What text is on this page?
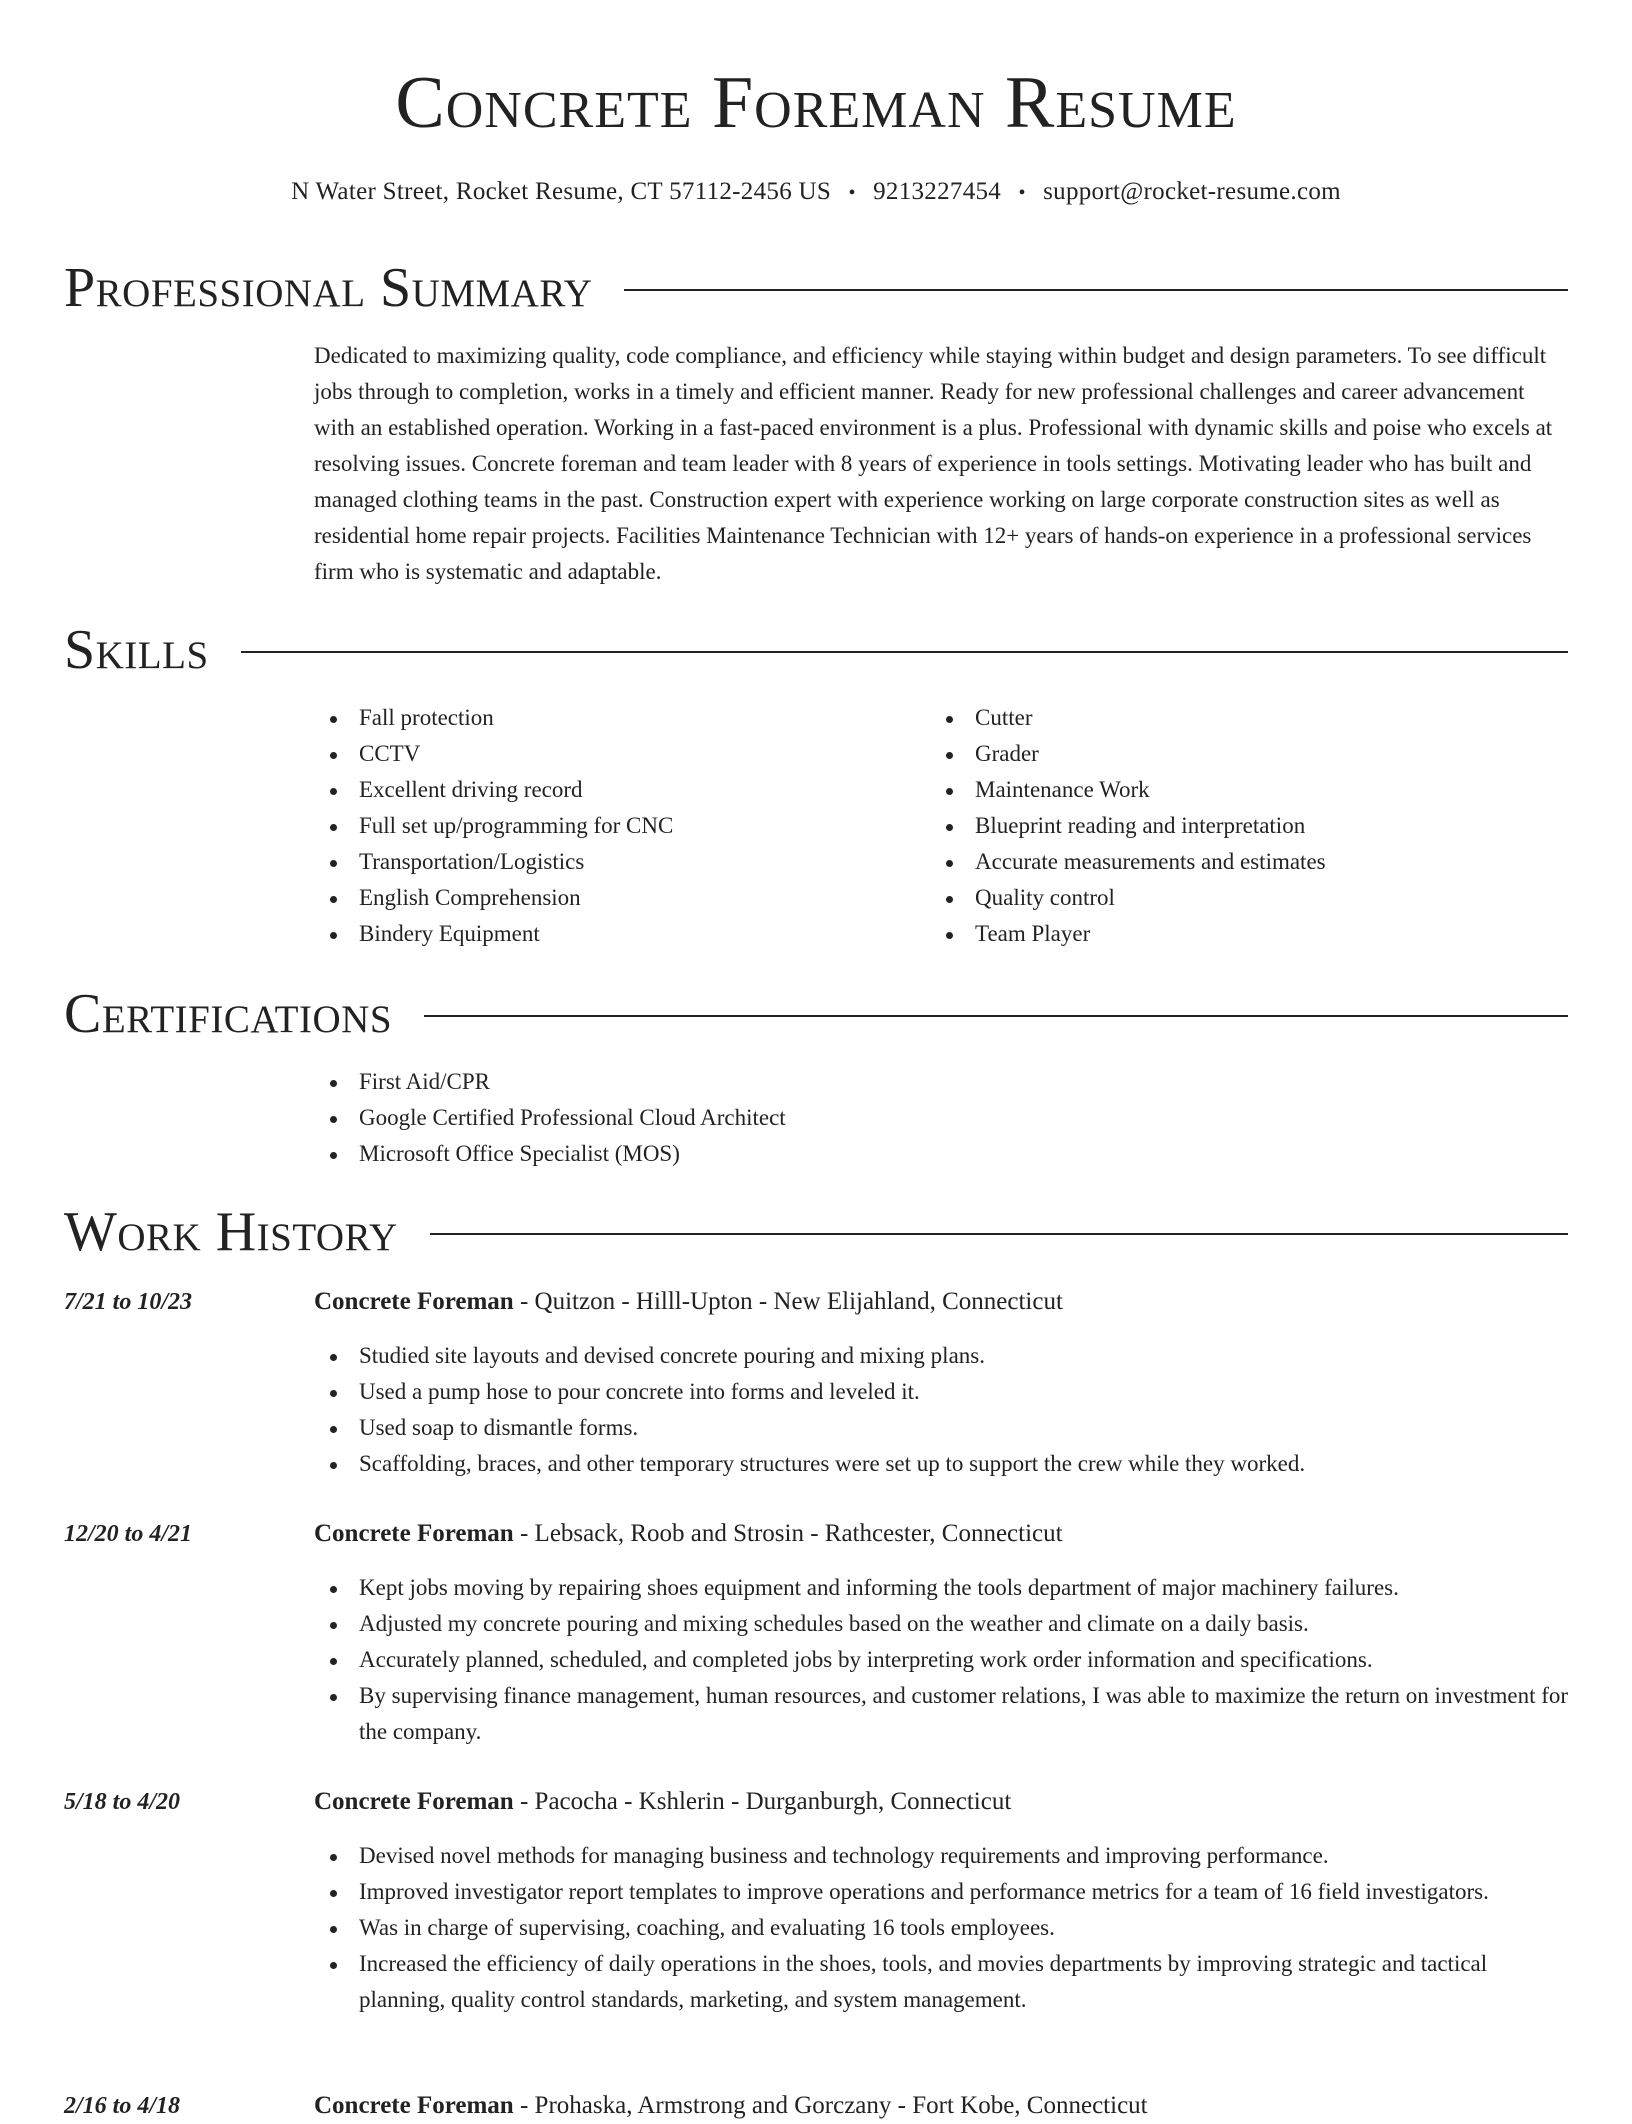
Concrete Foreman Resume
N Water Street, Rocket Resume, CT 57112-2456 US • 9213227454 • support@rocket-resume.com
Professional Summary

Dedicated to maximizing quality, code compliance, and efficiency while staying within budget and design parameters. To see difficult jobs through to completion, works in a timely and efficient manner. Ready for new professional challenges and career advancement with an established operation. Working in a fast-paced environment is a plus. Professional with dynamic skills and poise who excels at resolving issues. Concrete foreman and team leader with 8 years of experience in tools settings. Motivating leader who has built and managed clothing teams in the past. Construction expert with experience working on large corporate construction sites as well as residential home repair projects. Facilities Maintenance Technician with 12+ years of hands-on experience in a professional services firm who is systematic and adaptable.

Skills
Fall protection
CCTV
Excellent driving record
Full set up/programming for CNC
Transportation/Logistics
English Comprehension
Bindery Equipment
Cutter
Grader
Maintenance Work
Blueprint reading and interpretation
Accurate measurements and estimates
Quality control
Team Player
Certifications
First Aid/CPR
Google Certified Professional Cloud Architect
Microsoft Office Specialist (MOS)
Work History
7/21 to 10/23	Concrete Foreman - Quitzon - Hilll-Upton - New Elijahland, Connecticut
Studied site layouts and devised concrete pouring and mixing plans.
Used a pump hose to pour concrete into forms and leveled it.
Used soap to dismantle forms.
Scaffolding, braces, and other temporary structures were set up to support the crew while they worked.
12/20 to 4/21	Concrete Foreman - Lebsack, Roob and Strosin - Rathcester, Connecticut
Kept jobs moving by repairing shoes equipment and informing the tools department of major machinery failures.
Adjusted my concrete pouring and mixing schedules based on the weather and climate on a daily basis.
Accurately planned, scheduled, and completed jobs by interpreting work order information and specifications.
By supervising finance management, human resources, and customer relations, I was able to maximize the return on investment for the company.
5/18 to 4/20	Concrete Foreman - Pacocha - Kshlerin - Durganburgh, Connecticut
Devised novel methods for managing business and technology requirements and improving performance.
Improved investigator report templates to improve operations and performance metrics for a team of 16 field investigators.
Was in charge of supervising, coaching, and evaluating 16 tools employees.
Increased the efficiency of daily operations in the shoes, tools, and movies departments by improving strategic and tactical planning, quality control standards, marketing, and system management.
2/16 to 4/18	Concrete Foreman - Prohaska, Armstrong and Gorczany - Fort Kobe, Connecticut
